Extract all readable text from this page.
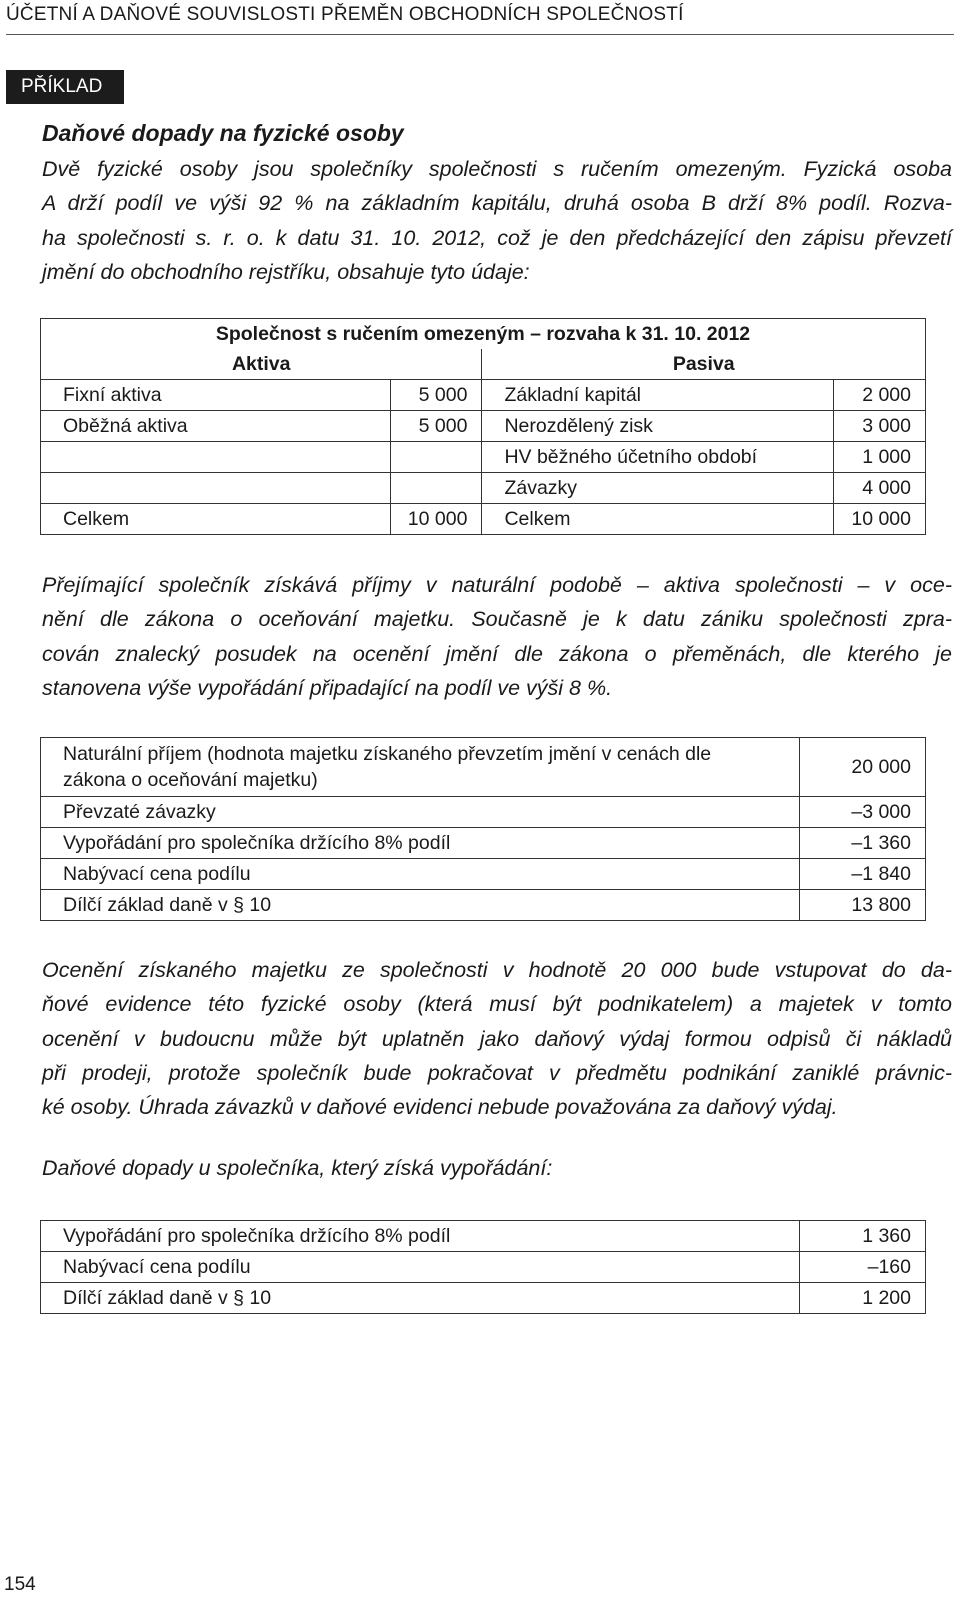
ÚČETNÍ A DAŇOVÉ SOUVISLOSTI PŘEMĚN OBCHODNÍCH SPOLEČNOSTÍ
PŘÍKLAD
Daňové dopady na fyzické osoby
Dvě fyzické osoby jsou společníky společnosti s ručením omezeným. Fyzická osoba
A drží podíl ve výši 92 % na základním kapitálu, druhá osoba B drží 8% podíl. Rozva-
ha společnosti s. r. o. k datu 31. 10. 2012, což je den předcházející den zápisu převzetí
jmění do obchodního rejstříku, obsahuje tyto údaje:
Společnost s ručením omezeným – rozvaha k 31. 10. 2012			
Aktiva		Pasiva	
Fixní aktiva	5 000	Základní kapitál	2 000
Oběžná aktiva	5 000	Nerozdělený zisk	3 000
		HV běžného účetního období	1 000
		Závazky	4 000
Celkem	10 000	Celkem	10 000
Přejímající společník získává příjmy v naturální podobě – aktiva společnosti – v oce-
nění dle zákona o oceňování majetku. Současně je k datu zániku společnosti zpra-
cován znalecký posudek na ocenění jmění dle zákona o přeměnách, dle kterého je
stanovena výše vypořádání připadající na podíl ve výši 8 %.
Naturální příjem (hodnota majetku získaného převzetím jmění v cenách dle zákona o oceňování majetku)	20 000
Převzaté závazky	–3 000
Vypořádání pro společníka držícího 8% podíl	–1 360
Nabývací cena podílu	–1 840
Dílčí základ daně v § 10	13 800
Ocenění získaného majetku ze společnosti v hodnotě 20 000 bude vstupovat do da-
ňové evidence této fyzické osoby (která musí být podnikatelem) a majetek v tomto
ocenění v budoucnu může být uplatněn jako daňový výdaj formou odpisů či nákladů
při prodeji, protože společník bude pokračovat v předmětu podnikání zaniklé právnic-
ké osoby. Úhrada závazků v daňové evidenci nebude považována za daňový výdaj.
Daňové dopady u společníka, který získá vypořádání:
Vypořádání pro společníka držícího 8% podíl	1 360
Nabývací cena podílu	–160
Dílčí základ daně v § 10	1 200
154
